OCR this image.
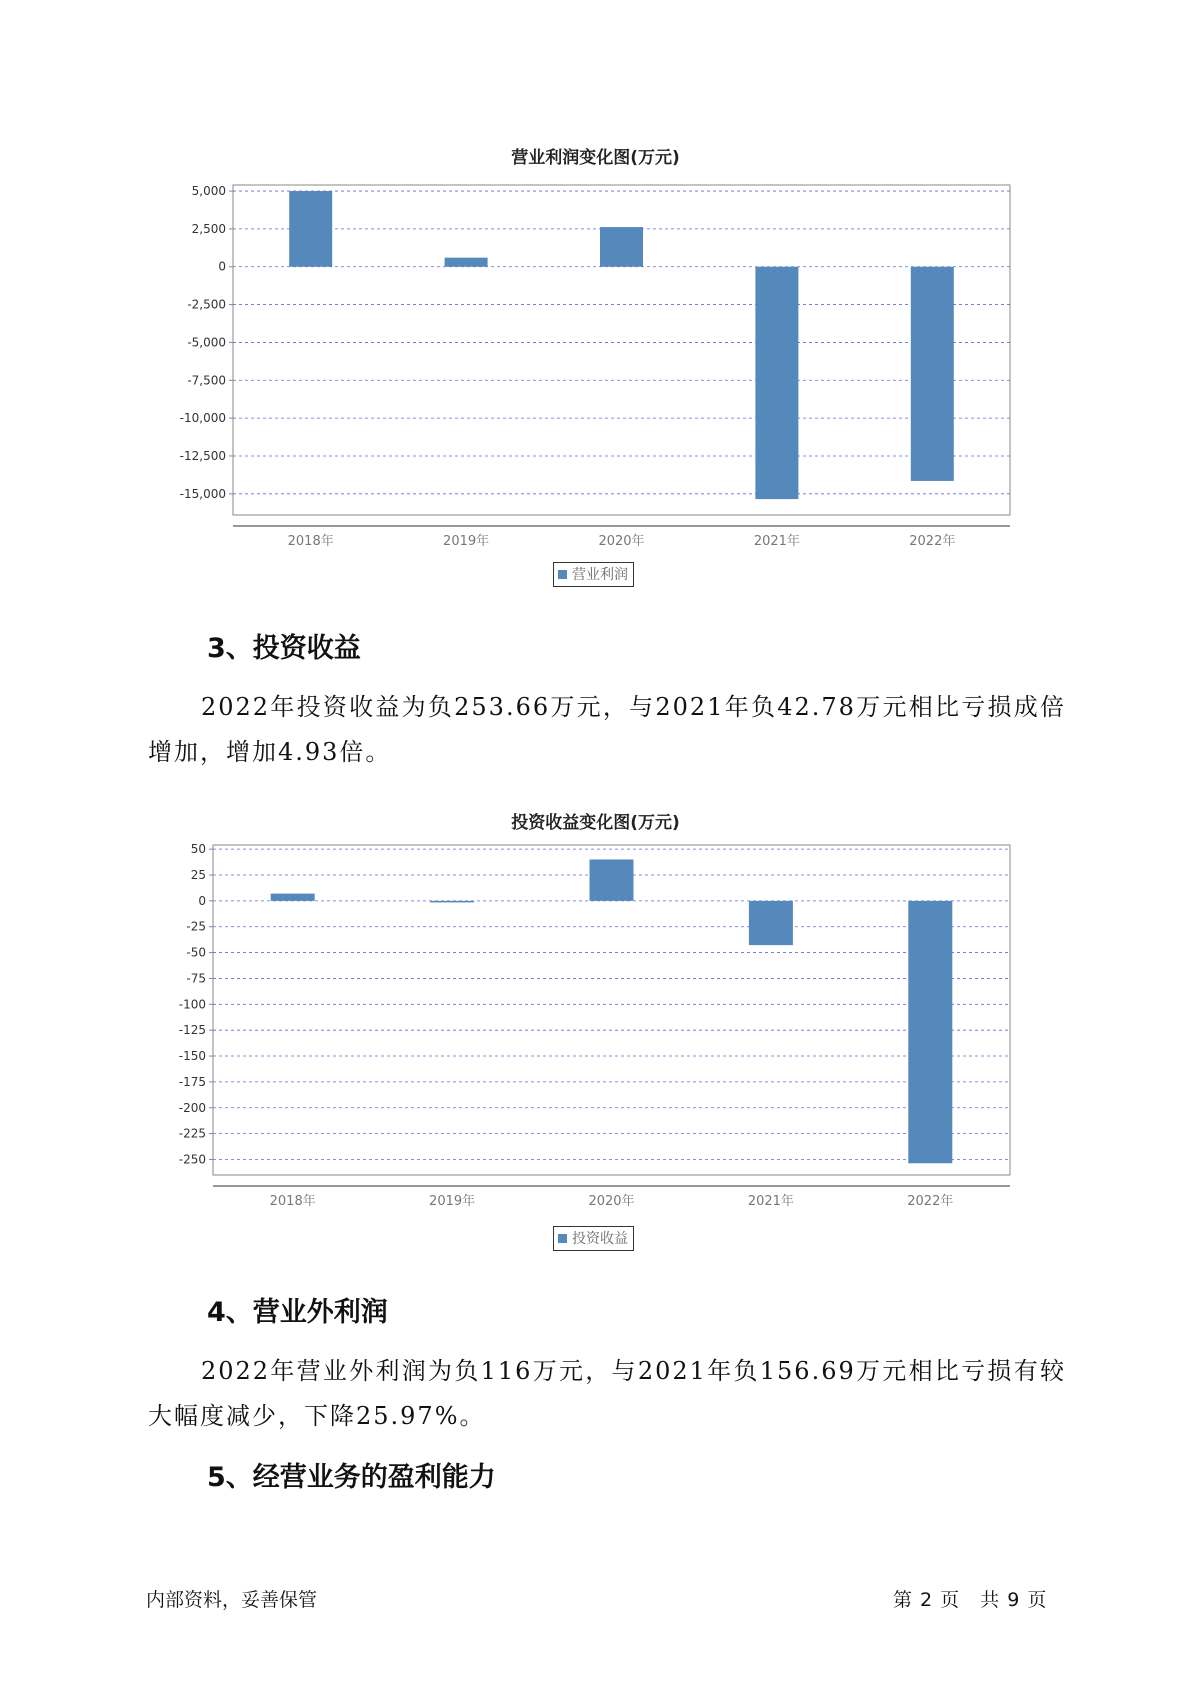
营业利润变化图(万元)
5,000
2,500
0
-2,500
-5,000
-7,500
-10,000
-12,500
-15,000
2018年	2019年	2020年	2021年	2022年
营业利润
3、投资收益

2022年投资收益为负253.66万元，与2021年负42.78万元相比亏损成倍增加，增加4.93倍。

投资收益变化图(万元)
50
25
0
-25
-50
-75
-100
-125
-150
-175
-200
-225
-250
2018年	2019年	2020年	2021年	2022年
投资收益
4、营业外利润

2022年营业外利润为负116万元，与2021年负156.69万元相比亏损有较大幅度减少，下降25.97%。

5、经营业务的盈利能力
内部资料，妥善保管	第 2 页　共 9 页
